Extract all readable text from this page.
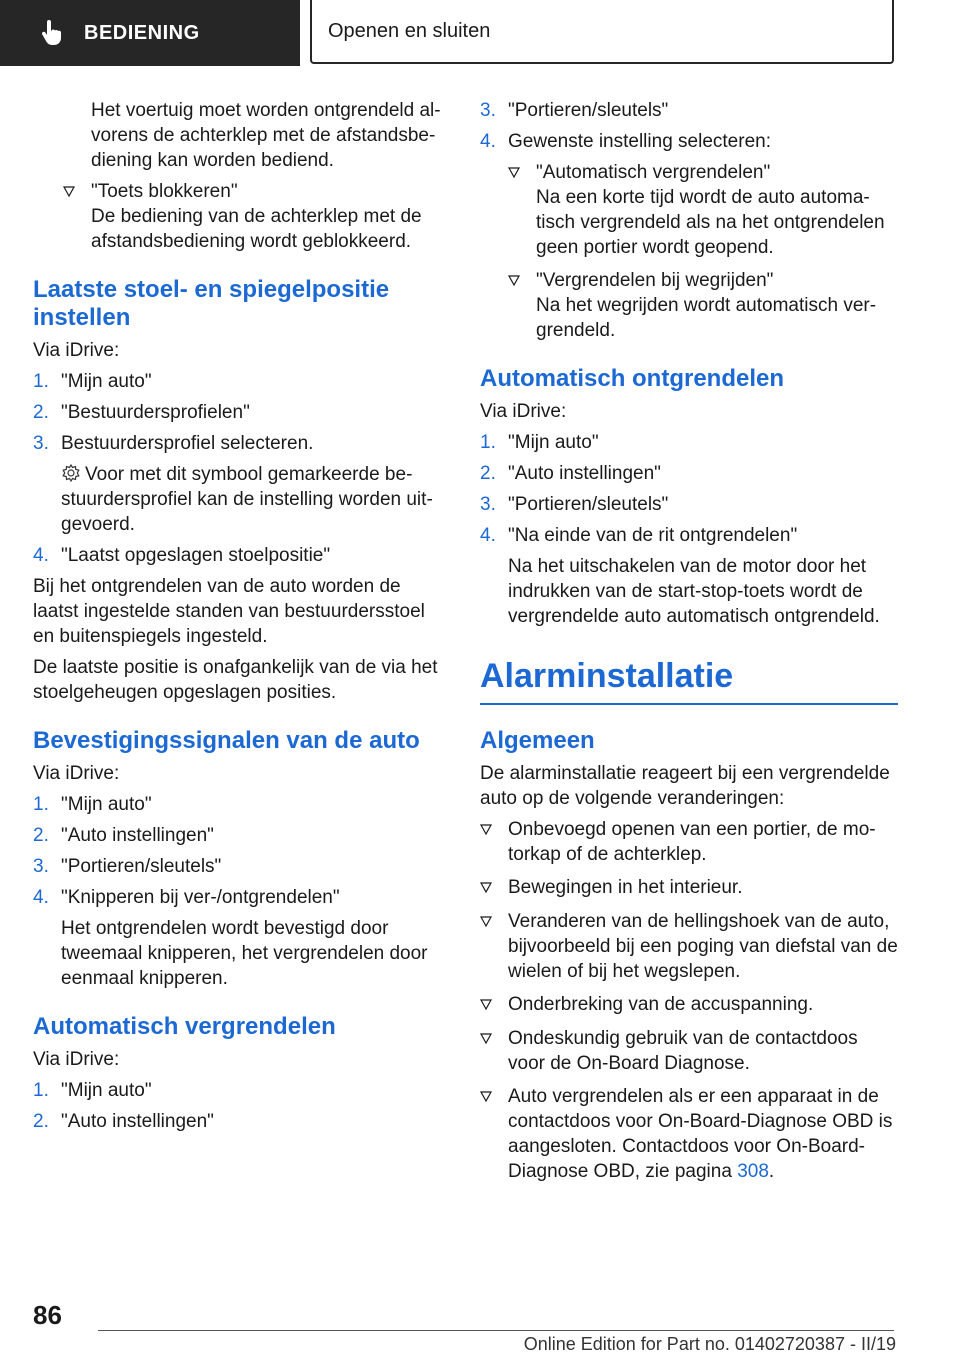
BEDIENING	Openen en sluiten

Het voertuig moet worden ontgrendeld alvorens de achterklep met de afstandsbediening kan worden bediend.

"Toets blokkeren"
De bediening van de achterklep met de afstandsbediening wordt geblokkeerd.
Laatste stoel- en spiegelpositie instellen

Via iDrive:

1. "Mijn auto"
2. "Bestuurdersprofielen"
3. Bestuurdersprofiel selecteren.

Voor met dit symbool gemarkeerde bestuurdersprofiel kan de instelling worden uitgevoerd.

4. "Laatst opgeslagen stoelpositie"

Bij het ontgrendelen van de auto worden de laatst ingestelde standen van bestuurdersstoel en buitenspiegels ingesteld.

De laatste positie is onafgankelijk van de via het stoelgeheugen opgeslagen posities.

Bevestigingssignalen van de auto

Via iDrive:

1. "Mijn auto"
2. "Auto instellingen"
3. "Portieren/sleutels"
4. "Knipperen bij ver-/ontgrendelen"

Het ontgrendelen wordt bevestigd door tweemaal knipperen, het vergrendelen door eenmaal knipperen.

Automatisch vergrendelen

Via iDrive:

1. "Mijn auto"
2. "Auto instellingen"
3. "Portieren/sleutels"
4. Gewenste instelling selecteren:
"Automatisch vergrendelen"
Na een korte tijd wordt de auto automatisch vergrendeld als na het ontgrendelen geen portier wordt geopend.
"Vergrendelen bij wegrijden"
Na het wegrijden wordt automatisch vergrendeld.
Automatisch ontgrendelen

Via iDrive:

1. "Mijn auto"
2. "Auto instellingen"
3. "Portieren/sleutels"
4. "Na einde van de rit ontgrendelen"

Na het uitschakelen van de motor door het indrukken van de start-stop-toets wordt de vergrendelde auto automatisch ontgrendeld.

Alarminstallatie
Algemeen

De alarminstallatie reageert bij een vergrendelde auto op de volgende veranderingen:

Onbevoegd openen van een portier, de motorkap of de achterklep.
Bewegingen in het interieur.
Veranderen van de hellingshoek van de auto, bijvoorbeeld bij een poging van diefstal van de wielen of bij het wegslepen.
Onderbreking van de accuspanning.
Ondeskundig gebruik van de contactdoos voor de On-Board Diagnose.
Auto vergrendelen als er een apparaat in de contactdoos voor On-Board-Diagnose OBD is aangesloten. Contactdoos voor On-Board-Diagnose OBD, zie pagina 308.
86
Online Edition for Part no. 01402720387 - II/19
